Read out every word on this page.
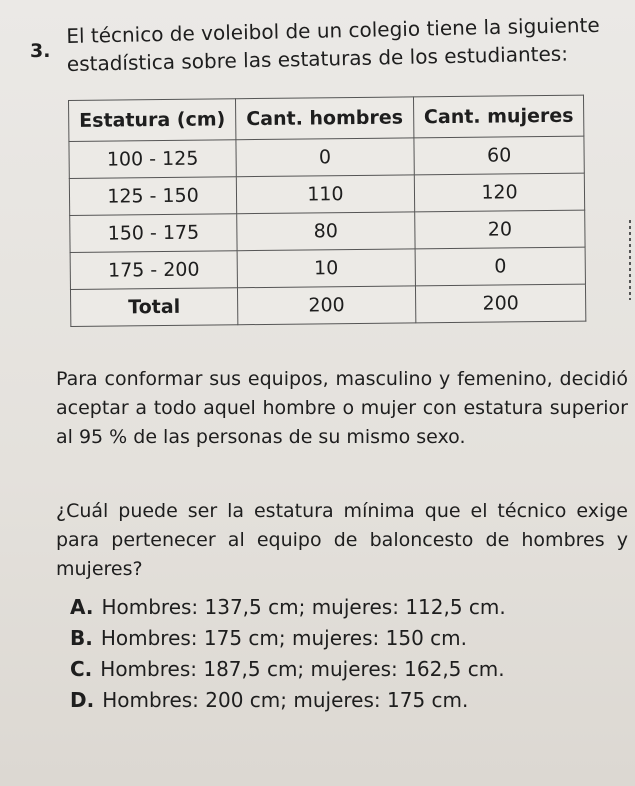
3.
El técnico de voleibol de un colegio tiene la siguiente estadística sobre las estaturas de los estudiantes:
Estatura (cm)	Cant. hombres	Cant. mujeres
100 - 125	0	60
125 - 150	110	120
150 - 175	80	20
175 - 200	10	0
Total	200	200

Para conformar sus equipos, masculino y femenino, decidió aceptar a todo aquel hombre o mujer con estatura superior al 95 % de las personas de su mismo sexo.

¿Cuál puede ser la estatura mínima que el técnico exige para pertenecer al equipo de baloncesto de hombres y mujeres?

A. Hombres: 137,5 cm; mujeres: 112,5 cm.
B. Hombres: 175 cm; mujeres: 150 cm.
C. Hombres: 187,5 cm; mujeres: 162,5 cm.
D. Hombres: 200 cm; mujeres: 175 cm.
